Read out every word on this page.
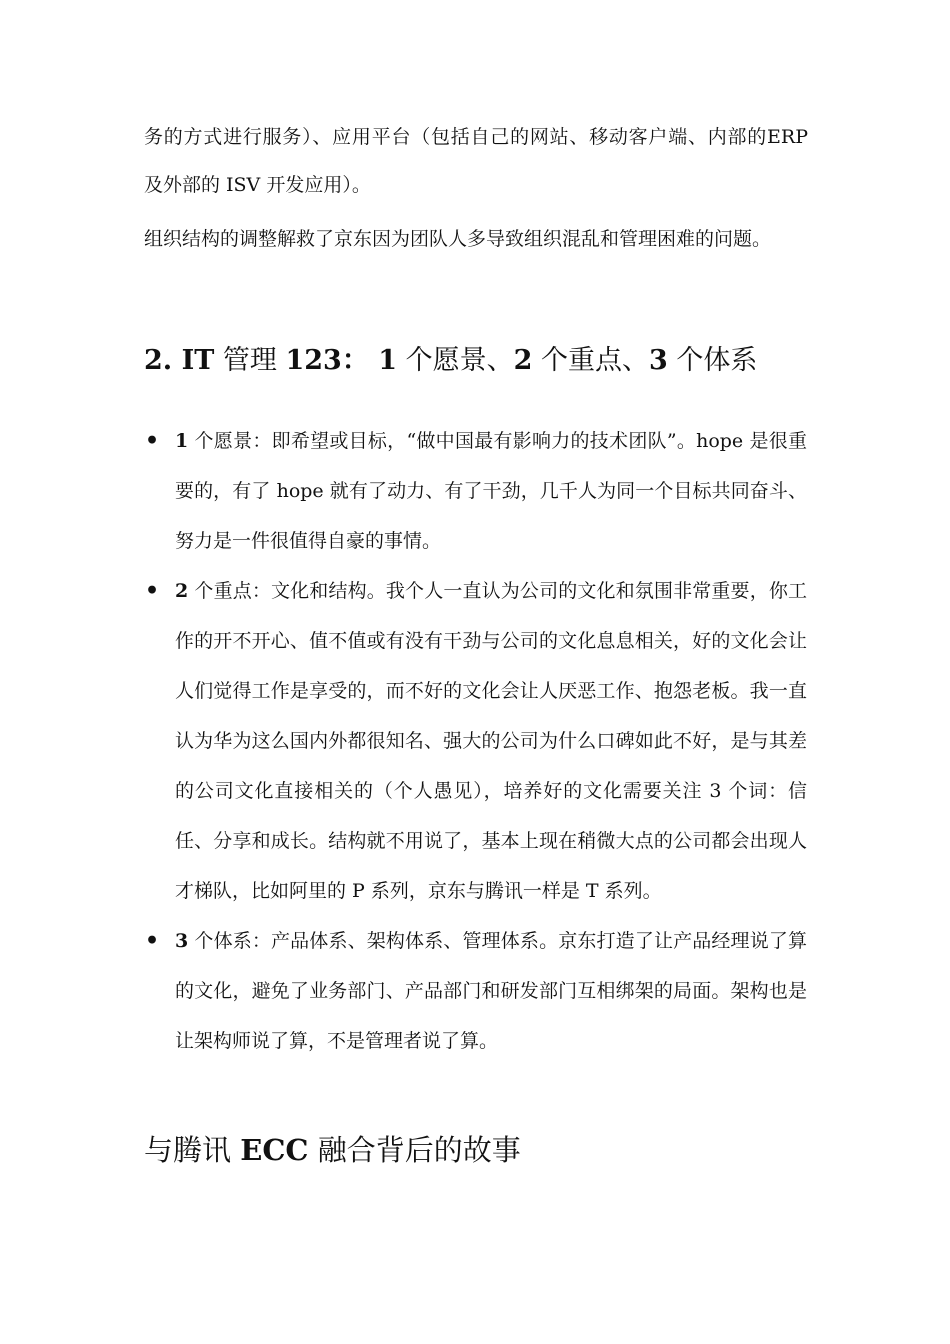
务的方式进行服务）、应用平台（包括自己的网站、移动客户端、内部的ERP 及外部的 ISV 开发应用）。

组织结构的调整解救了京东因为团队人多导致组织混乱和管理困难的问题。

2. IT 管理 123： 1 个愿景、2 个重点、3 个体系
• 1 个愿景：即希望或目标，“做中国最有影响力的技术团队”。hope 是很重要的，有了 hope 就有了动力、有了干劲，几千人为同一个目标共同奋斗、努力是一件很值得自豪的事情。
• 2 个重点：文化和结构。我个人一直认为公司的文化和氛围非常重要，你工作的开不开心、值不值或有没有干劲与公司的文化息息相关，好的文化会让人们觉得工作是享受的，而不好的文化会让人厌恶工作、抱怨老板。我一直认为华为这么国内外都很知名、强大的公司为什么口碑如此不好，是与其差的公司文化直接相关的（个人愚见），培养好的文化需要关注 3 个词：信任、分享和成长。结构就不用说了，基本上现在稍微大点的公司都会出现人才梯队，比如阿里的 P 系列，京东与腾讯一样是 T 系列。
• 3 个体系：产品体系、架构体系、管理体系。京东打造了让产品经理说了算的文化，避免了业务部门、产品部门和研发部门互相绑架的局面。架构也是让架构师说了算，不是管理者说了算。
与腾讯 ECC 融合背后的故事
